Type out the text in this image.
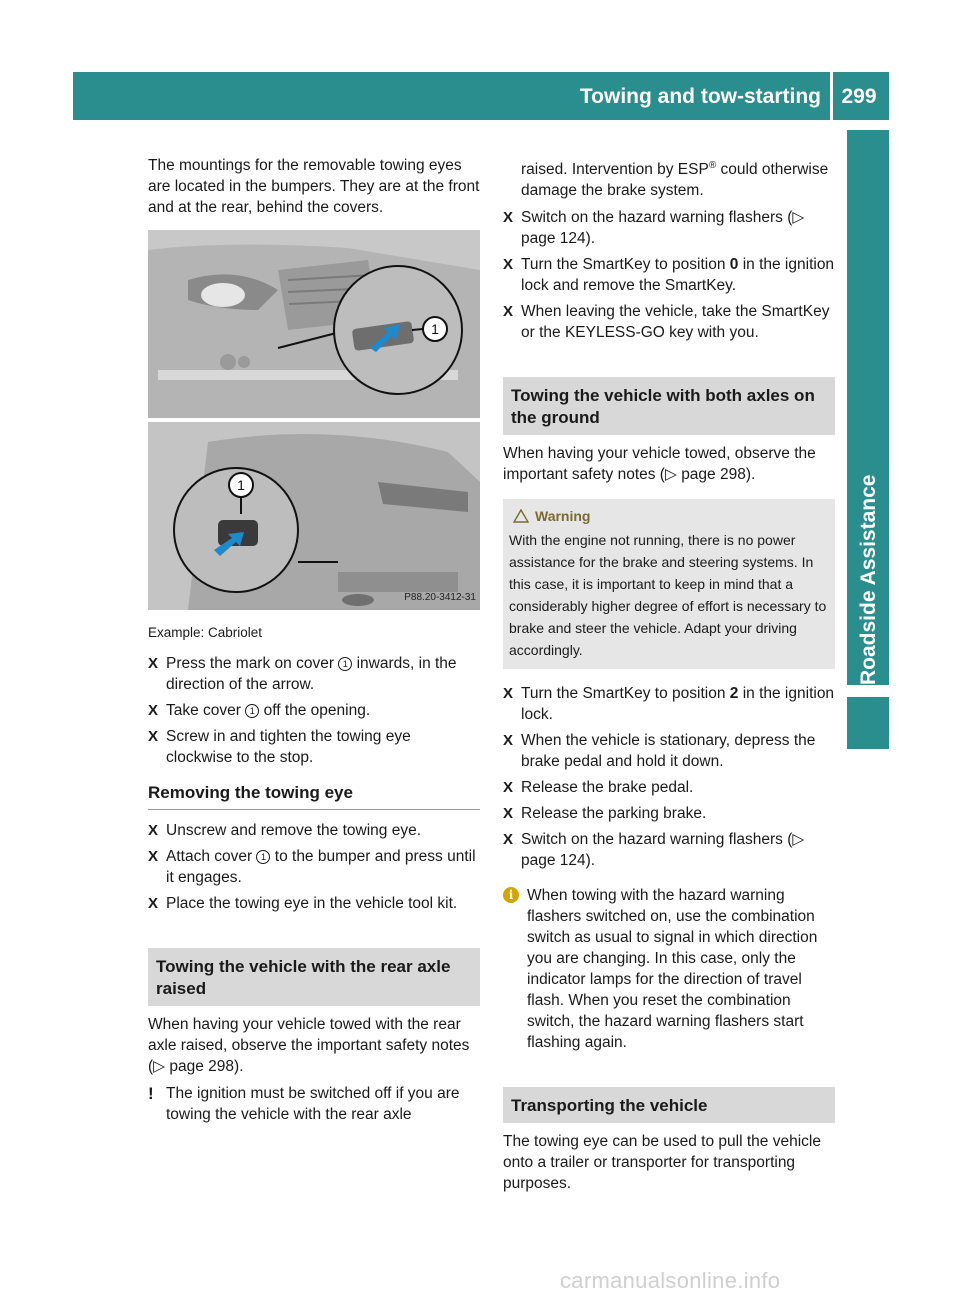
Towing and tow-starting 299
Roadside Assistance

The mountings for the removable towing eyes are located in the bumpers. They are at the front and at the rear, behind the covers.

1
1
P88.20-3412-31

Example: Cabriolet

X Press the mark on cover 1 inwards, in the direction of the arrow.

X Take cover 1 off the opening.

X Screw in and tighten the towing eye clockwise to the stop.

Removing the towing eye

X Unscrew and remove the towing eye.

X Attach cover 1 to the bumper and press until it engages.

X Place the towing eye in the vehicle tool kit.

Towing the vehicle with the rear axle raised

When having your vehicle towed with the rear axle raised, observe the important safety notes (▷ page 298).

! The ignition must be switched off if you are towing the vehicle with the rear axle

raised. Intervention by ESP® could otherwise damage the brake system.

X Switch on the hazard warning flashers (▷ page 124).

X Turn the SmartKey to position 0 in the ignition lock and remove the SmartKey.

X When leaving the vehicle, take the SmartKey or the KEYLESS-GO key with you.

Towing the vehicle with both axles on the ground

When having your vehicle towed, observe the important safety notes (▷ page 298).

Warning

With the engine not running, there is no power assistance for the brake and steering systems. In this case, it is important to keep in mind that a considerably higher degree of effort is necessary to brake and steer the vehicle. Adapt your driving accordingly.

X Turn the SmartKey to position 2 in the ignition lock.

X When the vehicle is stationary, depress the brake pedal and hold it down.

X Release the brake pedal.

X Release the parking brake.

X Switch on the hazard warning flashers (▷ page 124).

i When towing with the hazard warning flashers switched on, use the combination switch as usual to signal in which direction you are changing. In this case, only the indicator lamps for the direction of travel flash. When you reset the combination switch, the hazard warning flashers start flashing again.

Transporting the vehicle

The towing eye can be used to pull the vehicle onto a trailer or transporter for transporting purposes.

carmanualsonline.info
